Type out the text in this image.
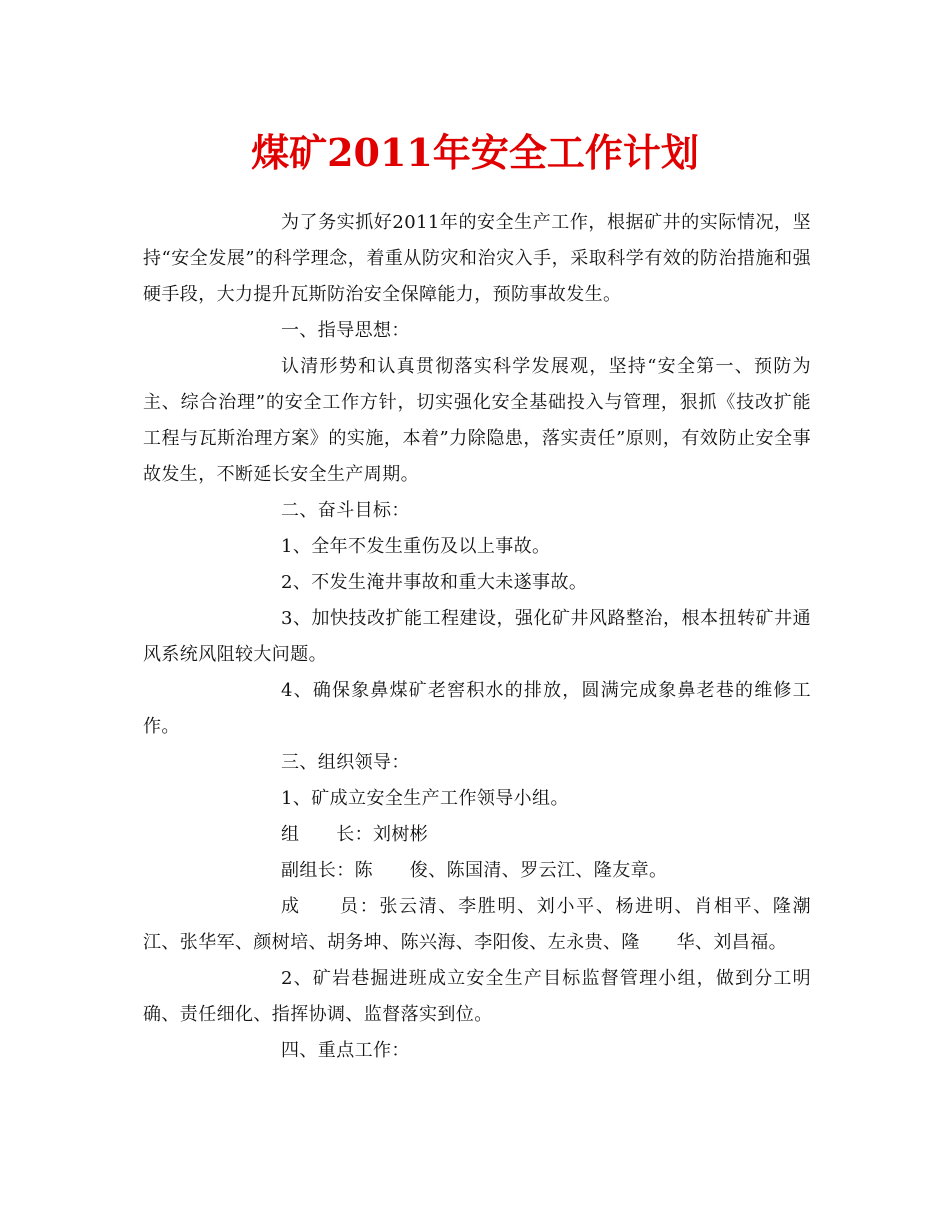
煤矿2011年安全工作计划

为了务实抓好2011年的安全生产工作，根据矿井的实际情况，坚持“安全发展”的科学理念，着重从防灾和治灾入手，采取科学有效的防治措施和强硬手段，大力提升瓦斯防治安全保障能力，预防事故发生。

一、指导思想：

认清形势和认真贯彻落实科学发展观，坚持“安全第一、预防为主、综合治理”的安全工作方针，切实强化安全基础投入与管理，狠抓《技改扩能工程与瓦斯治理方案》的实施，本着”力除隐患，落实责任”原则，有效防止安全事故发生，不断延长安全生产周期。

二、奋斗目标：

1、全年不发生重伤及以上事故。

2、不发生淹井事故和重大未遂事故。

3、加快技改扩能工程建设，强化矿井风路整治，根本扭转矿井通风系统风阻较大问题。

4、确保象鼻煤矿老窖积水的排放，圆满完成象鼻老巷的维修工作。

三、组织领导：

1、矿成立安全生产工作领导小组。

组　　长：刘树彬

副组长：陈　　俊、陈国清、罗云江、隆友章。

成　　员：张云清、李胜明、刘小平、杨进明、肖相平、隆潮江、张华军、颜树培、胡务坤、陈兴海、李阳俊、左永贵、隆　　华、刘昌福。

2、矿岩巷掘进班成立安全生产目标监督管理小组，做到分工明确、责任细化、指挥协调、监督落实到位。

四、重点工作：
